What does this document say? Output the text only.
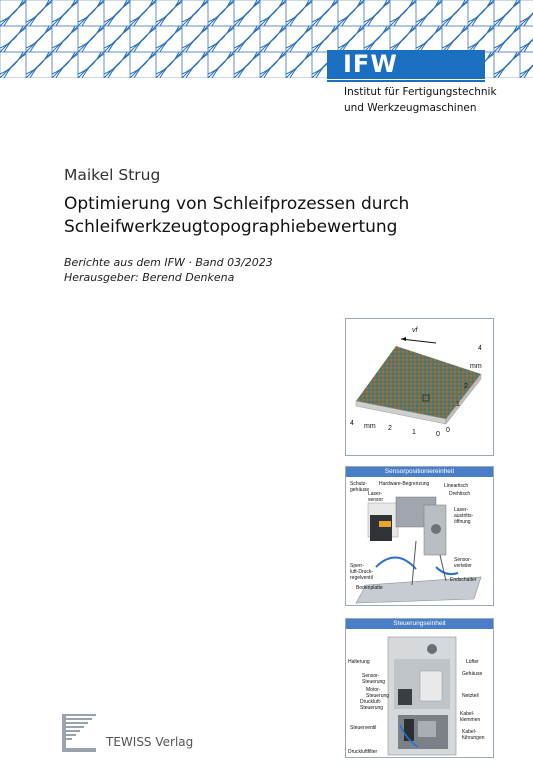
IFW
Institut für Fertigungstechnik
und Werkzeugmaschinen
Maikel Strug
Optimierung von Schleifprozessen durch
Schleifwerkzeugtopographiebewertung
Berichte aus dem IFW · Band 03/2023
Herausgeber: Berend Denkena
vf
mm
mm
4
2
1	0
0
1
2
4
Sensorpositioniereinheit
Schutz-
gehäuse
Hardware-Begrenzung
Laser-
sensor
Lineartisch
Drehtisch
Laser-
austritts-
öffnung
Sperr-
luft-Druck-
regelventil
Sensor-
verteiler
Endschalter
Bodenplatte
Steuerungseinheit
Halterung	Lüfter
Sensor-
Steuerung
Gehäuse
Motor-
Steuerung
Druckluft-
Steuerung
Netzteil
Kabel-
klemmen
Steuerventil
Kabel-
führungen
Druckluftfilter
TEWISS Verlag
